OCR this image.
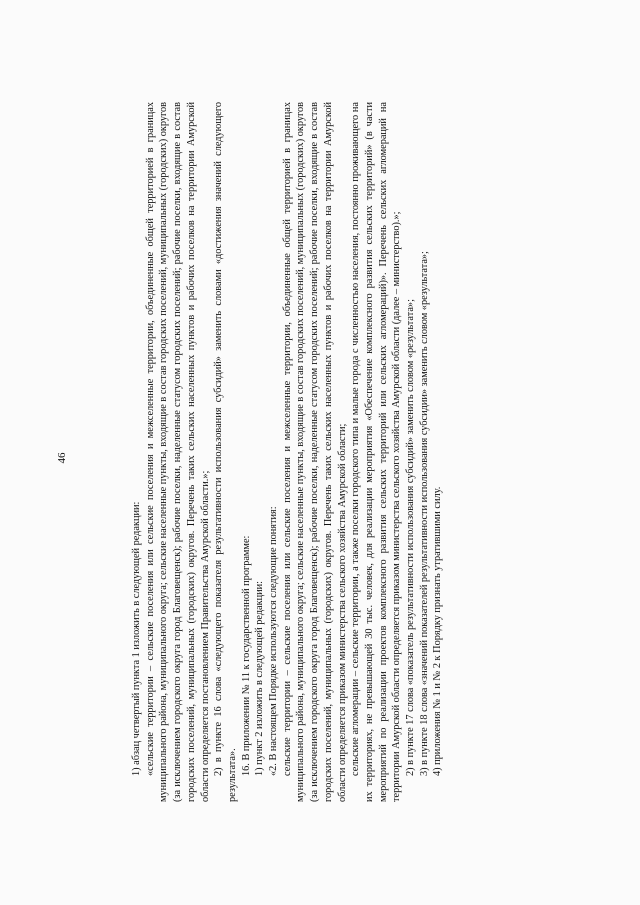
46

1) абзац четвертый пункта 1 изложить в следующей редакции: «сельские территории – сельские поселения или сельские поселения и межселенные территории, объединенные общей территорией в границах муниципального района, муниципального округа; сельские населенные пункты, входящие в состав городских поселений, муниципальных (городских) округов (за исключением городского округа город Благовещенск); рабочие поселки, наделенные статусом городских поселений; рабочие поселки, входящие в состав городских поселений, муниципальных (городских) округов. Перечень таких сельских населенных пунктов и рабочих поселков на территории Амурской области определяется постановлением Правительства Амурской области.»; 2) в пункте 16 слова «следующего показателя результативности использования субсидий» заменить словами «достижения значений следующего результата». 16. В приложении № 11 к государственной программе: 1) пункт 2 изложить в следующей редакции: «2. В настоящем Порядке используются следующие понятия: сельские территории – сельские поселения или сельские поселения и межселенные территории, объединенные общей территорией в границах муниципального района, муниципального округа; сельские населенные пункты, входящие в состав городских поселений, муниципальных (городских) округов (за исключением городского округа город Благовещенск); рабочие поселки, наделенные статусом городских поселений; рабочие поселки, входящие в состав городских поселений, муниципальных (городских) округов. Перечень таких сельских населенных пунктов и рабочих поселков на территории Амурской области определяется приказом министерства сельского хозяйства Амурской области; сельские агломерации – сельские территории, а также поселки городского типа и малые города с численностью населения, постоянно проживающего на их территориях, не превышающей 30 тыс. человек, для реализации мероприятия «Обеспечение комплексного развития сельских территорий» (в части мероприятий по реализации проектов комплексного развития сельских территорий или сельских агломераций)». Перечень сельских агломераций на территории Амурской области определяется приказом министерства сельского хозяйства Амурской области (далее – министерство).»; 2) в пункте 17 слова «показатель результативности использования субсидий» заменить словом «результата»; 3) в пункте 18 слова «значений показателей результативности использования субсидии» заменить словом «результата»; 4) приложения № 1 и № 2 к Порядку признать утратившими силу.
